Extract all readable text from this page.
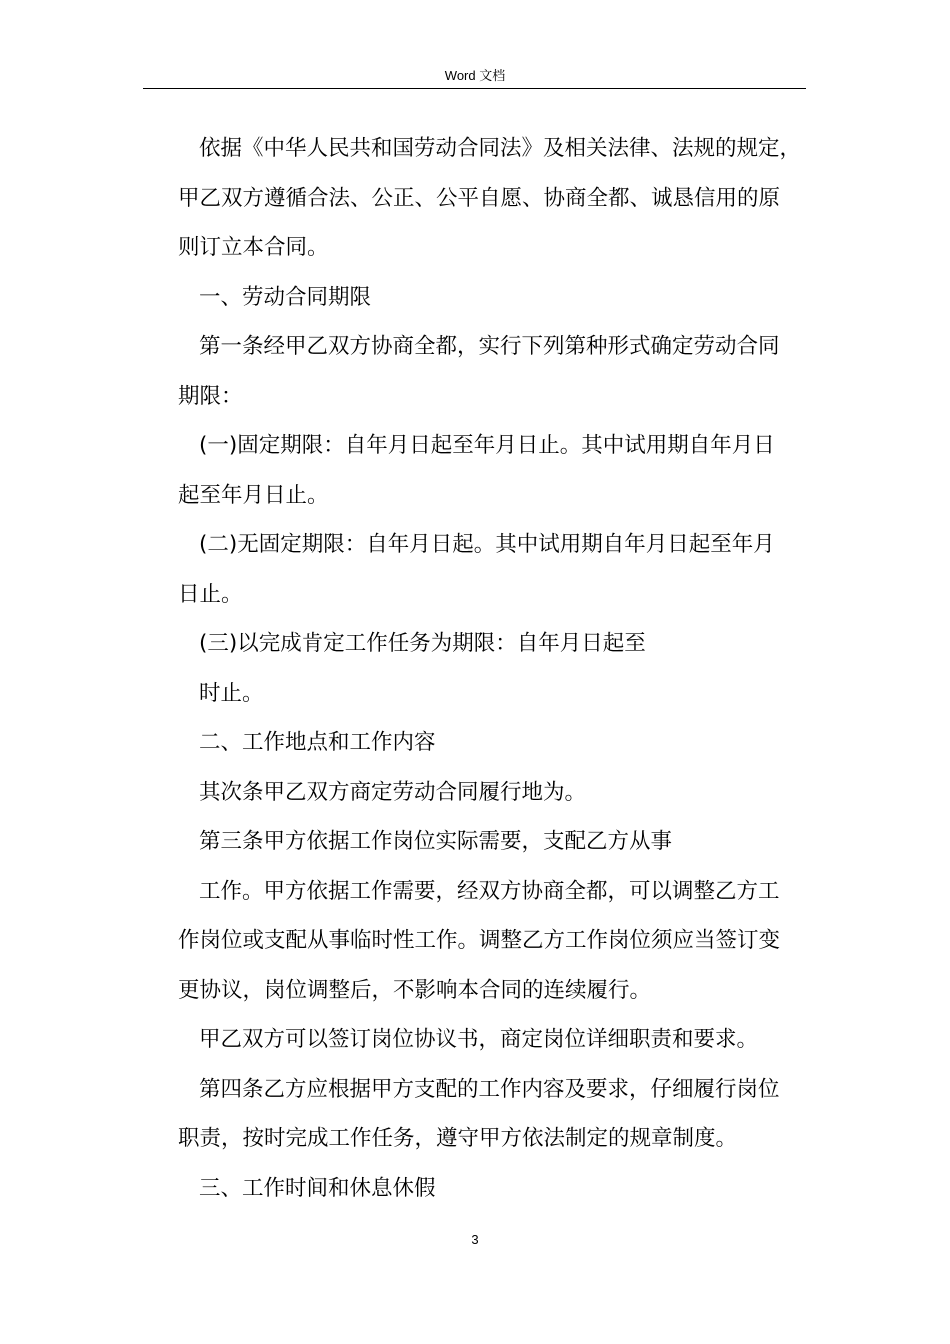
Word 文档
依据《中华人民共和国劳动合同法》及相关法律、法规的规定，
甲乙双方遵循合法、公正、公平自愿、协商全都、诚恳信用的原
则订立本合同。
一、劳动合同期限
第一条经甲乙双方协商全都，实行下列第种形式确定劳动合同
期限：
(一)固定期限：自年月日起至年月日止。其中试用期自年月日
起至年月日止。
(二)无固定期限：自年月日起。其中试用期自年月日起至年月
日止。
(三)以完成肯定工作任务为期限：自年月日起至
时止。
二、工作地点和工作内容
其次条甲乙双方商定劳动合同履行地为。
第三条甲方依据工作岗位实际需要，支配乙方从事
工作。甲方依据工作需要，经双方协商全都，可以调整乙方工
作岗位或支配从事临时性工作。调整乙方工作岗位须应当签订变
更协议，岗位调整后，不影响本合同的连续履行。
甲乙双方可以签订岗位协议书，商定岗位详细职责和要求。
第四条乙方应根据甲方支配的工作内容及要求，仔细履行岗位
职责，按时完成工作任务，遵守甲方依法制定的规章制度。
三、工作时间和休息休假
3
